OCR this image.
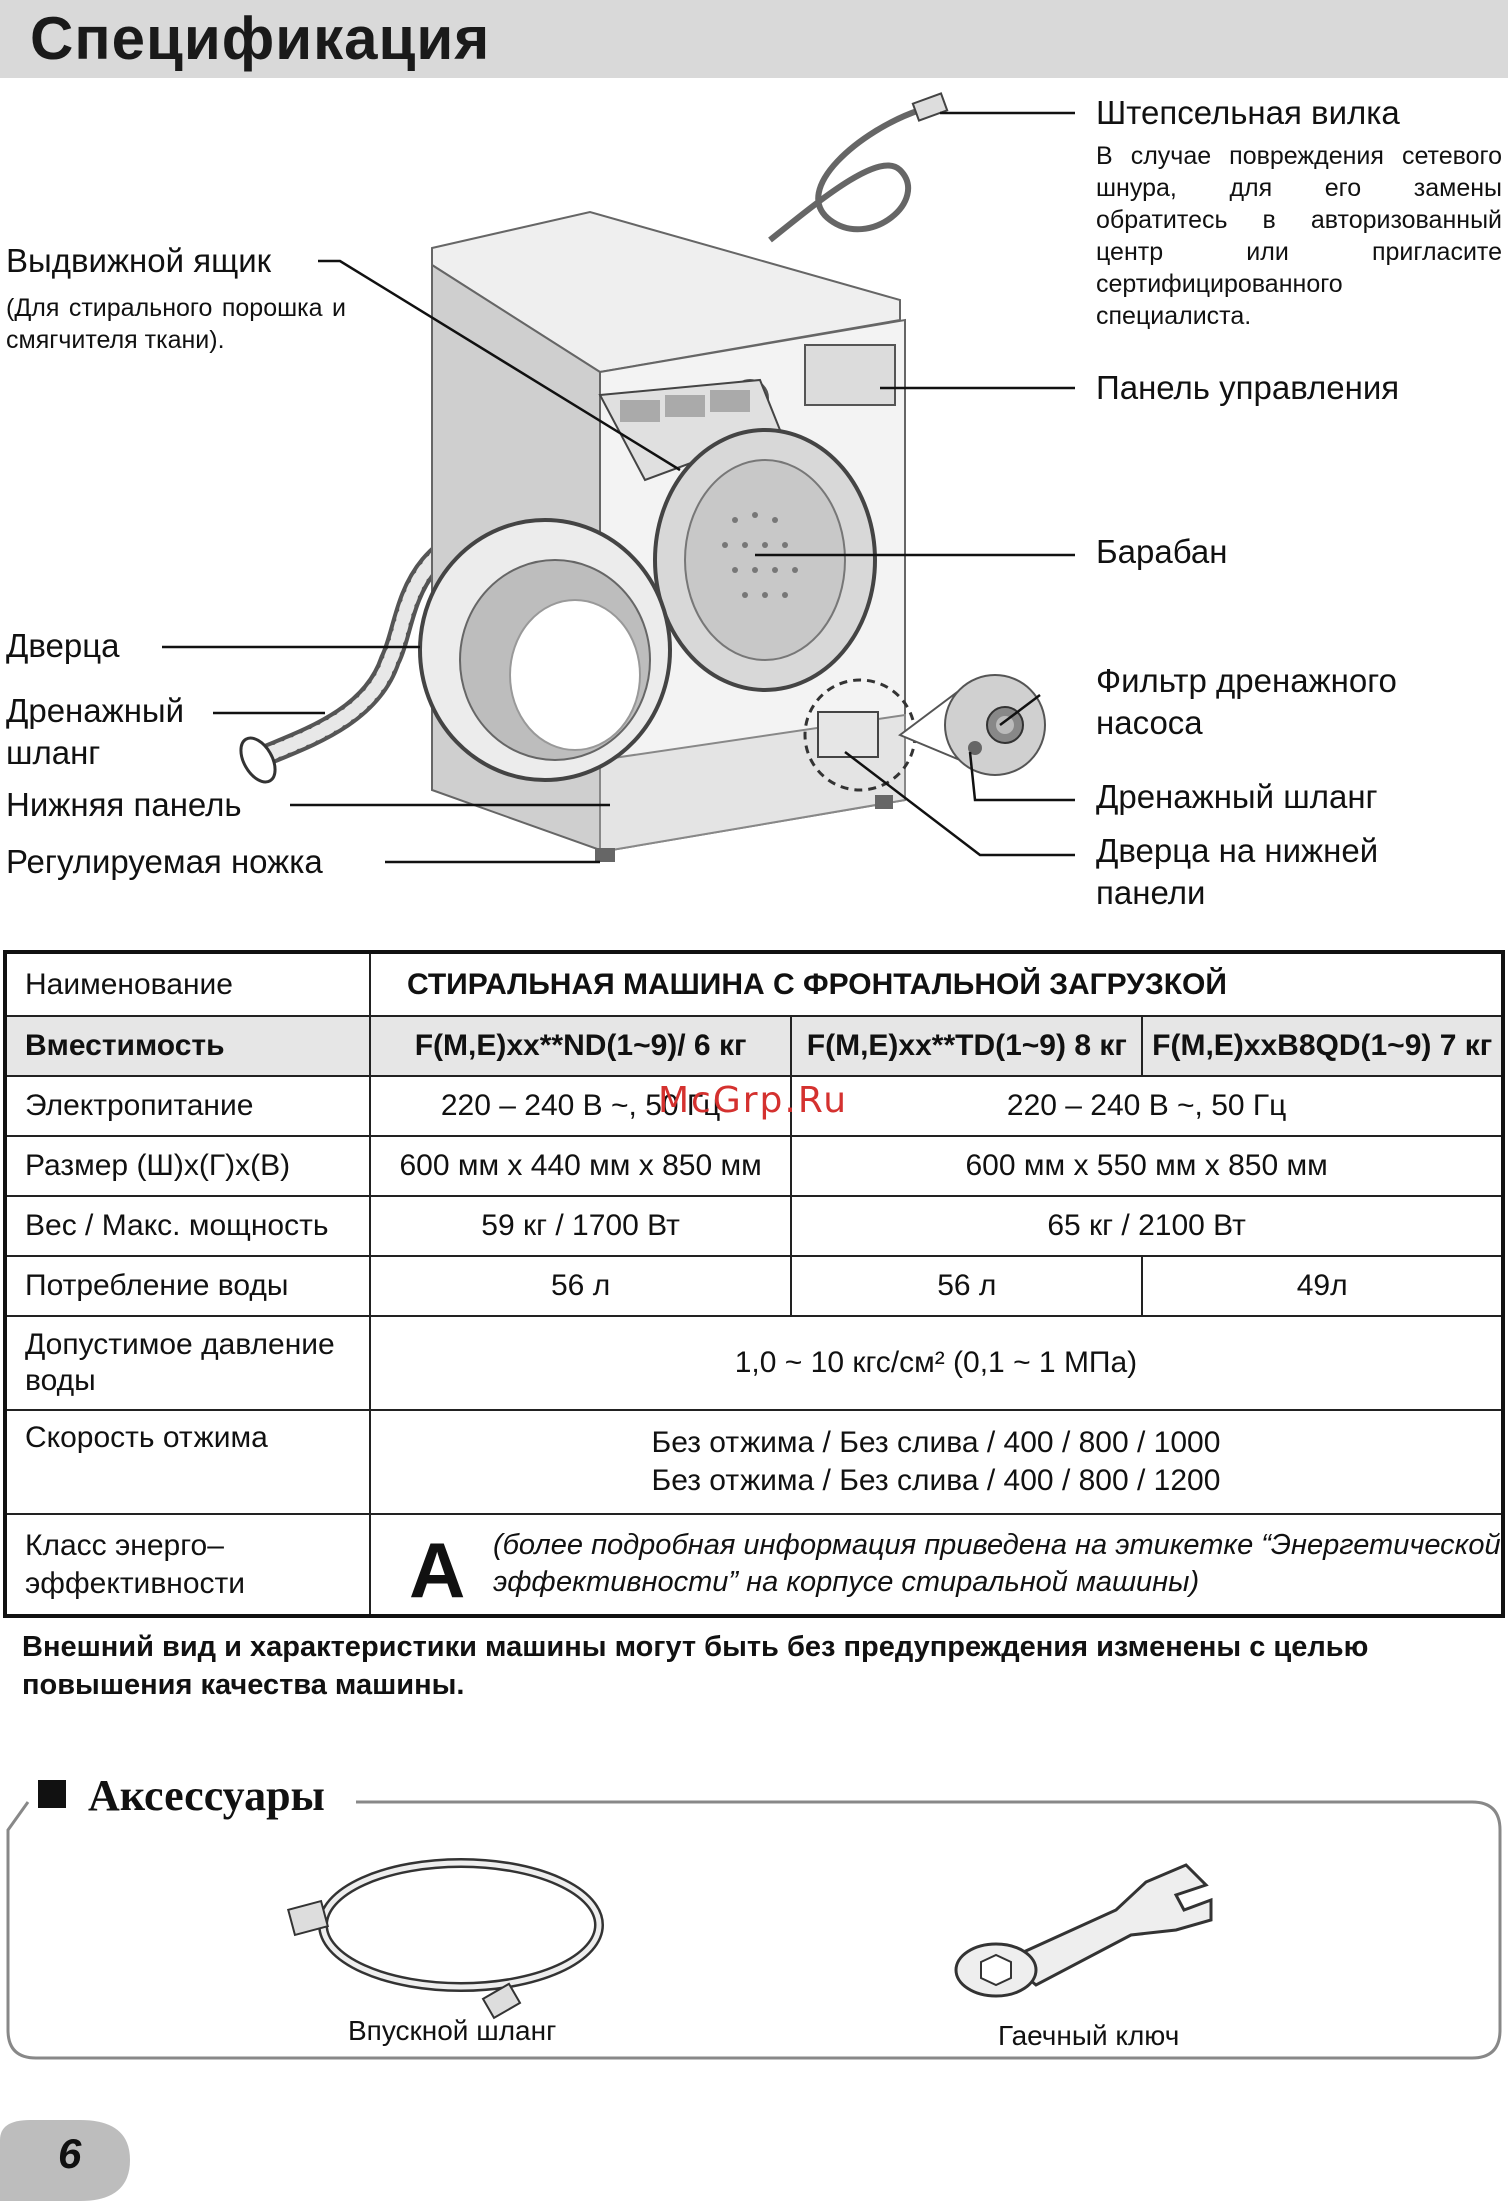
Спецификация
Штепсельная вилка
В случае повреждения сетевого шнура, для его замены обратитесь в авторизованный центр или пригласите сертифицированного специалиста.
Выдвижной ящик
(Для стирального порошка и смягчителя ткани).
Панель управления
Барабан
Дверца
Дренажный шланг
Нижняя панель
Регулируемая ножка
Фильтр дренажного насоса
Дренажный шланг
Дверца на нижней панели
Наименование	СТИРАЛЬНАЯ МАШИНА С ФРОНТАЛЬНОЙ ЗАГРУЗКОЙ		
Вместимость	F(M,E)xx**ND(1~9)/ 6 кг	F(M,E)xx**TD(1~9) 8 кг	F(M,E)xxB8QD(1~9) 7 кг
Электропитание	220 – 240 В ~, 50 Гц	220 – 240 В ~, 50 Гц	
Размер (Ш)х(Г)х(В)	600 мм x 440 мм x 850 мм	600 мм x 550 мм x 850 мм	
Вес / Макс. мощность	59 кг / 1700 Вт	65 кг / 2100 Вт	
Потребление воды	56 л	56 л	49л
Допустимое давление воды	1,0 ~ 10 кгс/см² (0,1 ~ 1 МПа)		
Скорость отжима	Без отжима / Без слива / 400 / 800 / 1000
Без отжима / Без слива / 400 / 800 / 1200		

Класс энерго–эффективности	A (более подробная информация приведена на этикетке “Энергетической эффективности” на корпусе стиральной машины)		
McGrp.Ru
Внешний вид и характеристики машины могут быть без предупреждения изменены с целью повышения качества машины.
Аксессуары
Впускной шланг	Гаечный ключ
6
